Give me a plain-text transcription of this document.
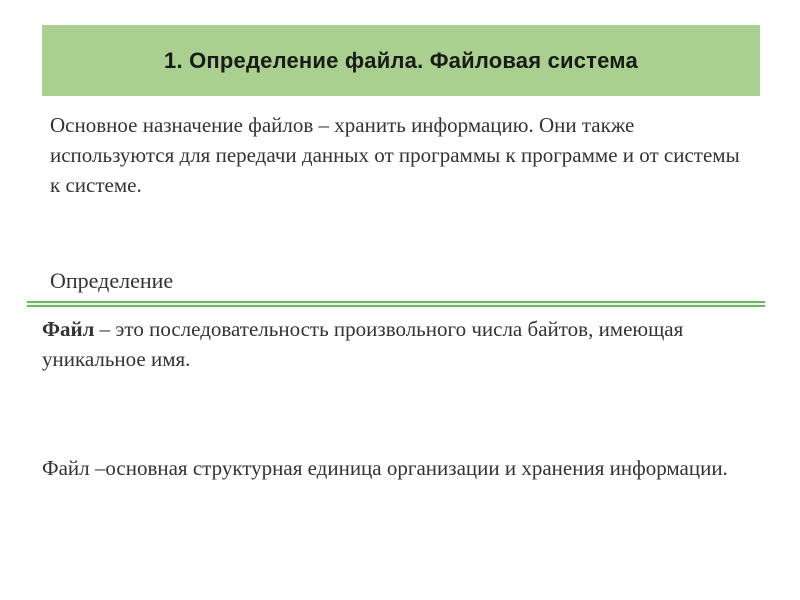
1. Определение файла. Файловая система
Основное назначение файлов – хранить информацию. Они также используются для передачи данных от программы к программе и от системы к системе.
Определение
Файл – это последовательность произвольного числа байтов, имеющая уникальное имя.
Файл –основная структурная единица организации и хранения информации.
